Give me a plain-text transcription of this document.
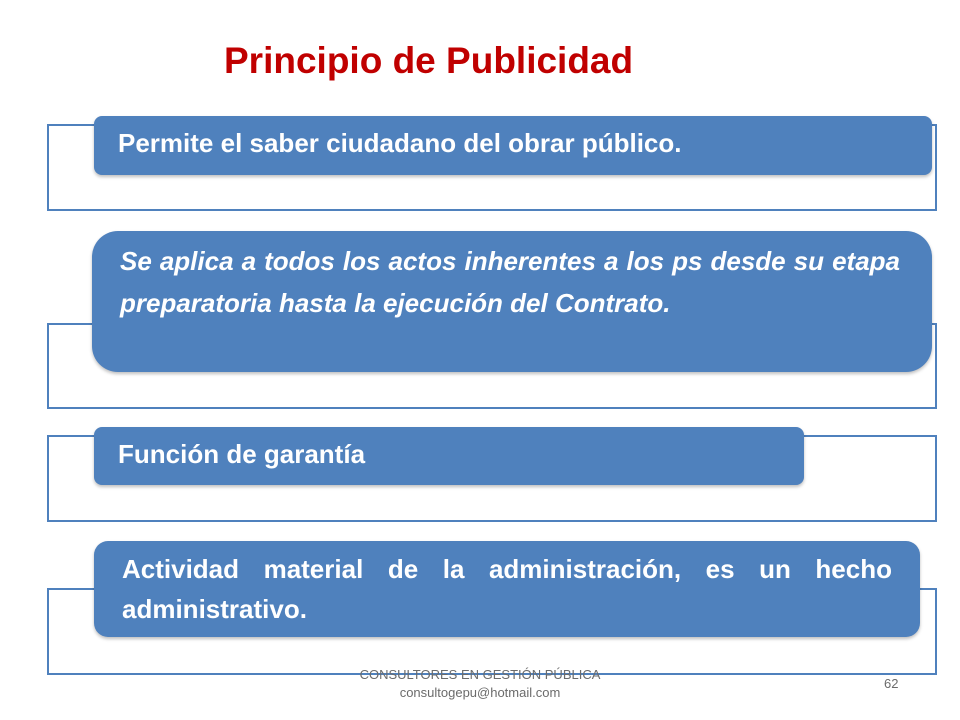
Principio de Publicidad
Permite el saber ciudadano del obrar público.
Se aplica a todos los actos inherentes a los ps desde su etapa preparatoria hasta la ejecución del Contrato.
Función de garantía
Actividad material de la administración, es un hecho administrativo.
CONSULTORES EN GESTIÓN PÚBLICA
consultogepu@hotmail.com
62
